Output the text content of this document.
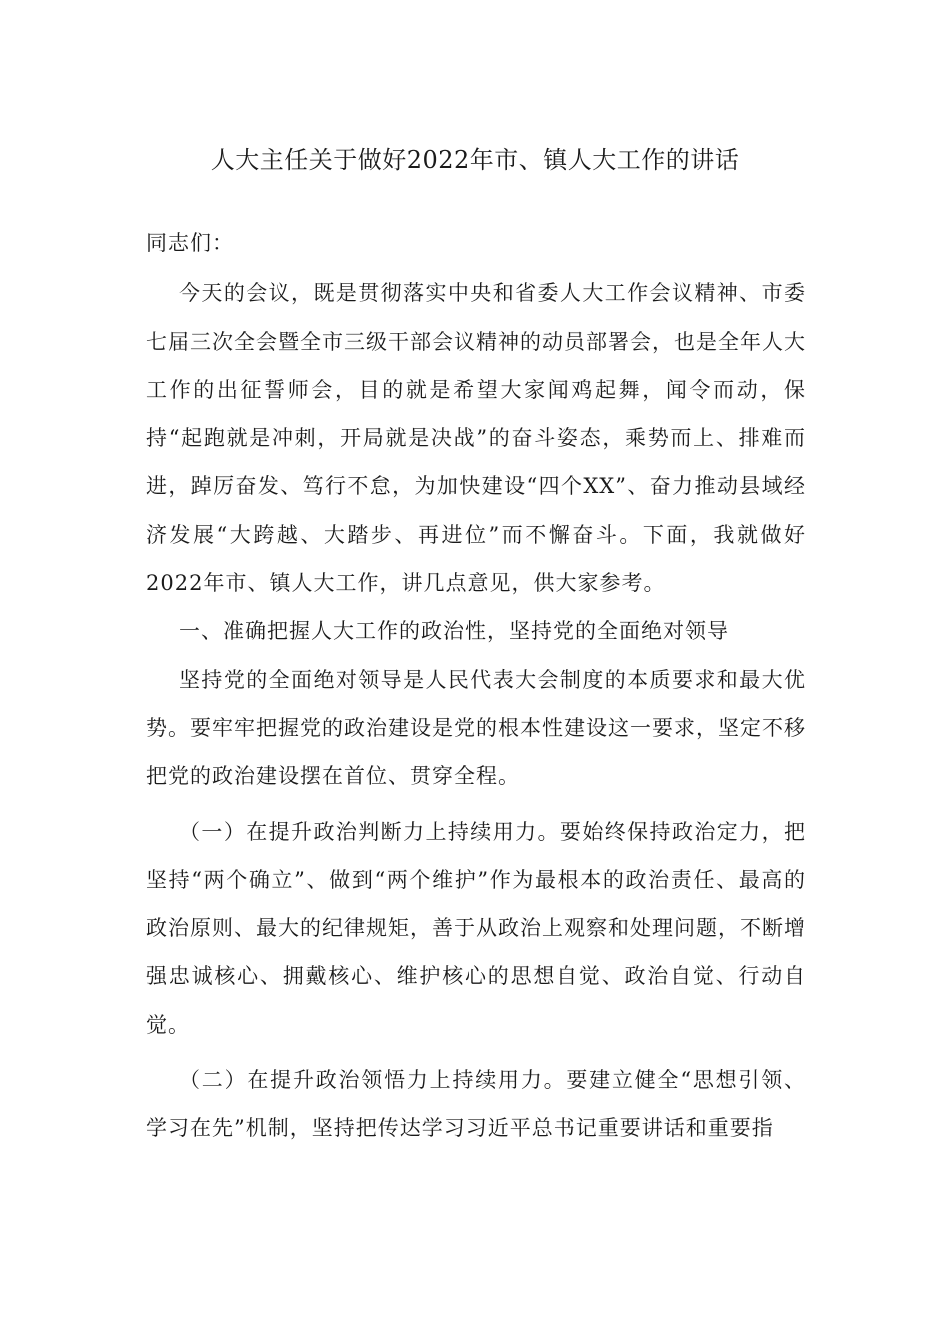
人大主任关于做好2022年市、镇人大工作的讲话

同志们：

今天的会议，既是贯彻落实中央和省委人大工作会议精神、市委七届三次全会暨全市三级干部会议精神的动员部署会，也是全年人大工作的出征誓师会，目的就是希望大家闻鸡起舞，闻令而动，保持“起跑就是冲刺，开局就是决战”的奋斗姿态，乘势而上、排难而进，踔厉奋发、笃行不怠，为加快建设“四个XX”、奋力推动县域经济发展“大跨越、大踏步、再进位”而不懈奋斗。下面，我就做好2022年市、镇人大工作，讲几点意见，供大家参考。

一、准确把握人大工作的政治性，坚持党的全面绝对领导

坚持党的全面绝对领导是人民代表大会制度的本质要求和最大优势。要牢牢把握党的政治建设是党的根本性建设这一要求，坚定不移把党的政治建设摆在首位、贯穿全程。

（一）在提升政治判断力上持续用力。要始终保持政治定力，把坚持“两个确立”、做到“两个维护”作为最根本的政治责任、最高的政治原则、最大的纪律规矩，善于从政治上观察和处理问题，不断增强忠诚核心、拥戴核心、维护核心的思想自觉、政治自觉、行动自觉。

（二）在提升政治领悟力上持续用力。要建立健全“思想引领、学习在先”机制，坚持把传达学习习近平总书记重要讲话和重要指
